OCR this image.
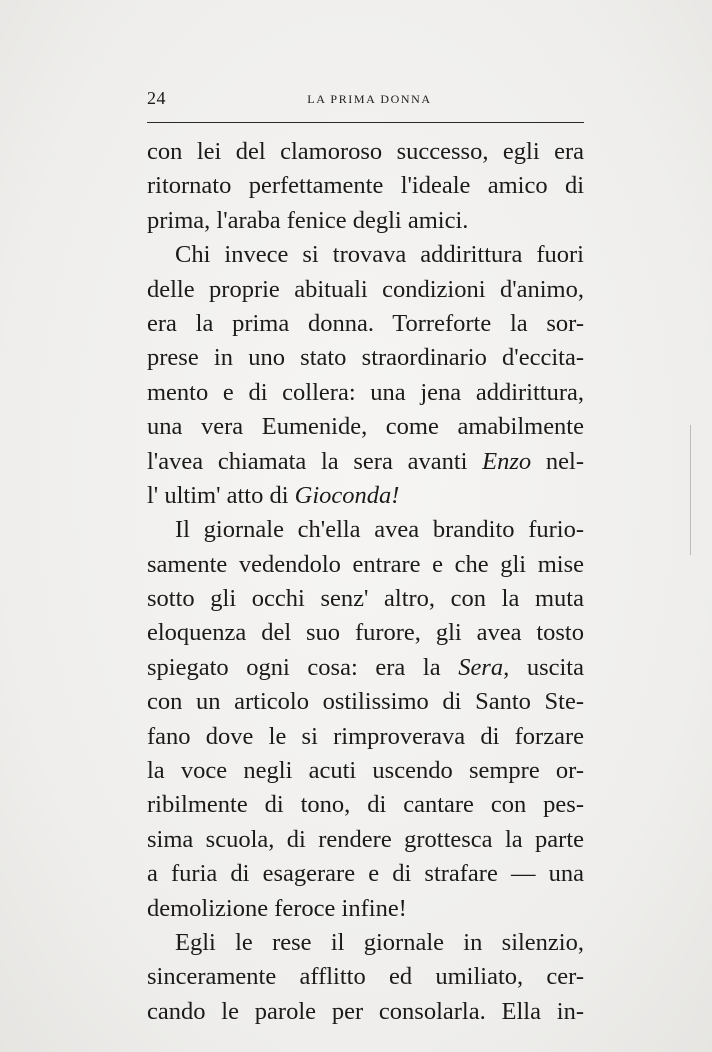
24	LA PRIMA DONNA
con lei del clamoroso successo, egli era
ritornato perfettamente l'ideale amico di
prima, l'araba fenice degli amici.
Chi invece si trovava addirittura fuori
delle proprie abituali condizioni d'animo,
era la prima donna. Torreforte la sor-
prese in uno stato straordinario d'eccita-
mento e di collera: una jena addirittura,
una vera Eumenide, come amabilmente
l'avea chiamata la sera avanti Enzo nel-
l' ultim' atto di Gioconda!
Il giornale ch'ella avea brandito furio-
samente vedendolo entrare e che gli mise
sotto gli occhi senz' altro, con la muta
eloquenza del suo furore, gli avea tosto
spiegato ogni cosa: era la Sera, uscita
con un articolo ostilissimo di Santo Ste-
fano dove le si rimproverava di forzare
la voce negli acuti uscendo sempre or-
ribilmente di tono, di cantare con pes-
sima scuola, di rendere grottesca la parte
a furia di esagerare e di strafare — una
demolizione feroce infine!
Egli le rese il giornale in silenzio,
sinceramente afflitto ed umiliato, cer-
cando le parole per consolarla. Ella in-
